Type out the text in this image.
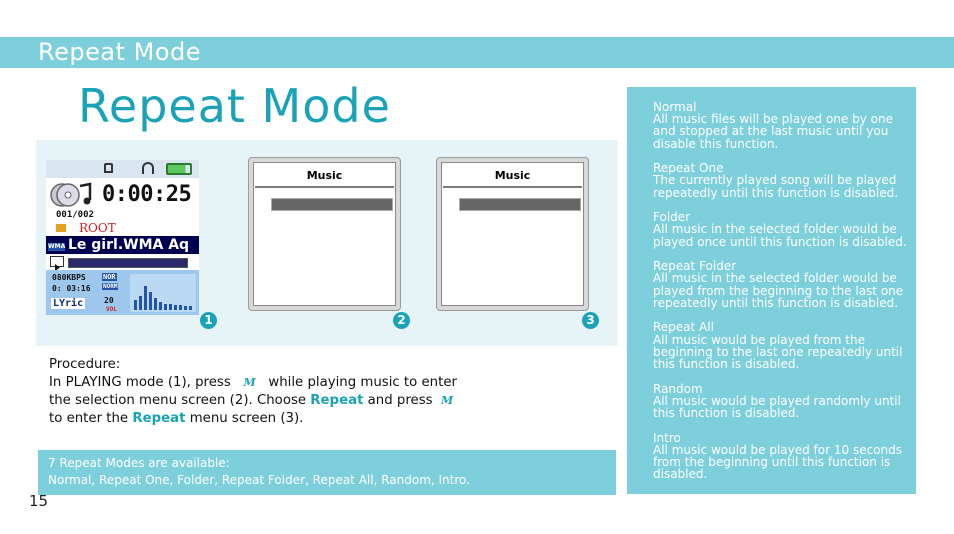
Repeat Mode
Repeat Mode
0:00:25
001/002
ROOT
WMA Le girl.WMA Aq
080KBPS
0: 03:16
NOR
NORM
LYric	20
VOL
Music	Music
1	2	3

Procedure:

In PLAYING mode (1), press M while playing music to enter

the selection menu screen (2). Choose Repeat and press M

to enter the Repeat menu screen (3).

7 Repeat Modes are available:
Normal, Repeat One, Folder, Repeat Folder, Repeat All, Random, Intro.
15
Normal
All music files will be played one by one
and stopped at the last music until you
disable this function.
Repeat One
The currently played song will be played
repeatedly until this function is disabled.
Folder
All music in the selected folder would be
played once until this function is disabled.
Repeat Folder
All music in the selected folder would be
played from the beginning to the last one
repeatedly until this function is disabled.
Repeat All
All music would be played from the
beginning to the last one repeatedly until
this function is disabled.
Random
All music would be played randomly until
this function is disabled.
Intro
All music would be played for 10 seconds
from the beginning until this function is
disabled.
